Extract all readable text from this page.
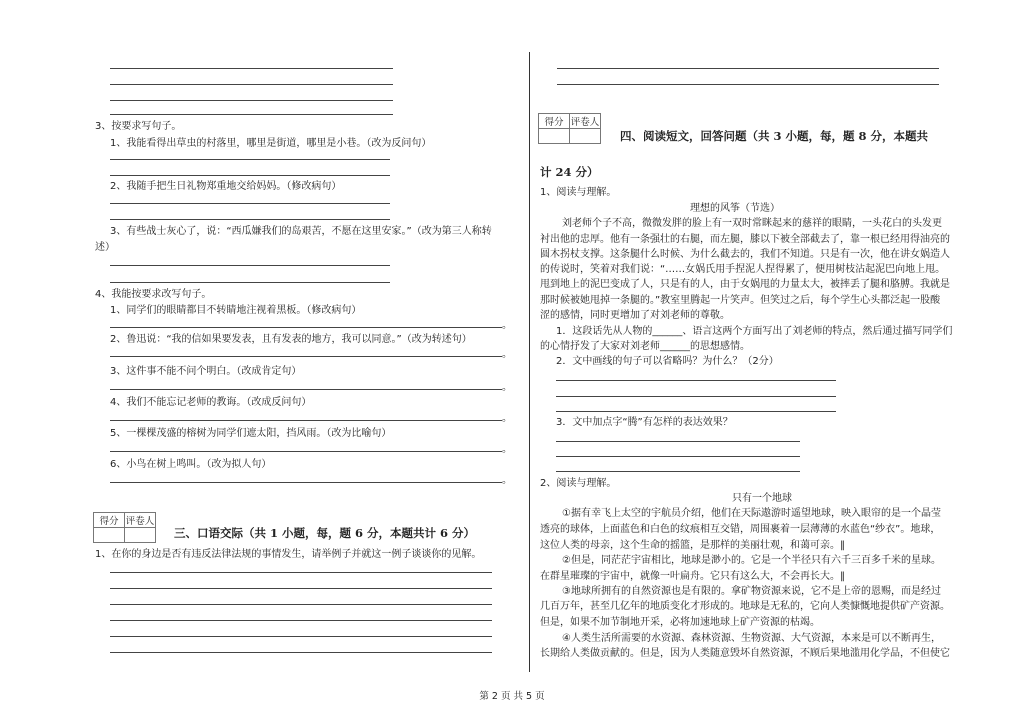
3、按要求写句子。
1、我能看得出草虫的村落里，哪里是街道，哪里是小巷。（改为反问句）
2、我随手把生日礼物郑重地交给妈妈。（修改病句）
3、有些战士灰心了，说：“西瓜嫌我们的岛艰苦，不愿在这里安家。”（改为第三人称转
述）
4、我能按要求改写句子。
1、同学们的眼睛都目不转睛地注视着黑板。（修改病句）
。
2、鲁迅说：“我的信如果要发表，且有发表的地方，我可以同意。”（改为转述句）
。
3、这件事不能不问个明白。（改成肯定句）
。
4、我们不能忘记老师的教诲。（改成反问句）
。
5、一棵棵茂盛的榕树为同学们遮太阳，挡风雨。（改为比喻句）
。
6、小鸟在树上鸣叫。（改为拟人句）
。
得分	评卷人

三、口语交际（共 1 小题，每，题 6 分，本题共计 6 分）
1、在你的身边是否有违反法律法规的事情发生，请举例子并就这一例子谈谈你的见解。
得分	评卷人

四、阅读短文，回答问题（共 3 小题，每，题 8 分，本题共
计 24 分）
1、阅读与理解。
理想的风筝（节选）
刘老师个子不高，微微发胖的脸上有一双时常眯起来的慈祥的眼睛，一头花白的头发更
衬出他的忠厚。他有一条强壮的右腿，而左腿，膝以下被全部截去了，靠一根已经用得油亮的
圆木拐杖支撑。这条腿什么时候、为什么截去的，我们不知道。只是有一次，他在讲女娲造人
的传说时，笑着对我们说：“……女娲氏用手捏泥人捏得累了，便用树枝沾起泥巴向地上甩。
甩到地上的泥巴变成了人，只是有的人，由于女娲甩的力量太大，被摔丢了腿和胳膊。我就是
那时候被她甩掉一条腿的。”教室里腾起一片笑声。但笑过之后，每个学生心头都泛起一股酸
涩的感情，同时更增加了对刘老师的尊敬。
1．这段话先从人物的______、语言这两个方面写出了刘老师的特点，然后通过描写同学们
的心情抒发了大家对刘老师______的思想感情。
2．文中画线的句子可以省略吗？为什么？（2分）
3．文中加点字“腾”有怎样的表达效果？
2、阅读与理解。
只有一个地球
①据有幸飞上太空的宇航员介绍，他们在天际遨游时遥望地球，映入眼帘的是一个晶莹
透亮的球体，上面蓝色和白色的纹痕相互交错，周围裹着一层薄薄的水蓝色“纱衣”。地球，
这位人类的母亲，这个生命的摇篮，是那样的美丽壮观，和蔼可亲。‖
②但是，同茫茫宇宙相比，地球是渺小的。它是一个半径只有六千三百多千米的星球。
在群星璀璨的宇宙中，就像一叶扁舟。它只有这么大，不会再长大。‖
③地球所拥有的自然资源也是有限的。拿矿物资源来说，它不是上帝的恩赐，而是经过
几百万年，甚至几亿年的地质变化才形成的。地球是无私的，它向人类慷慨地提供矿产资源。
但是，如果不加节制地开采，必将加速地球上矿产资源的枯竭。
④人类生活所需要的水资源、森林资源、生物资源、大气资源，本来是可以不断再生，
长期给人类做贡献的。但是，因为人类随意毁坏自然资源，不顾后果地滥用化学品，不但使它
第 2 页 共 5 页
